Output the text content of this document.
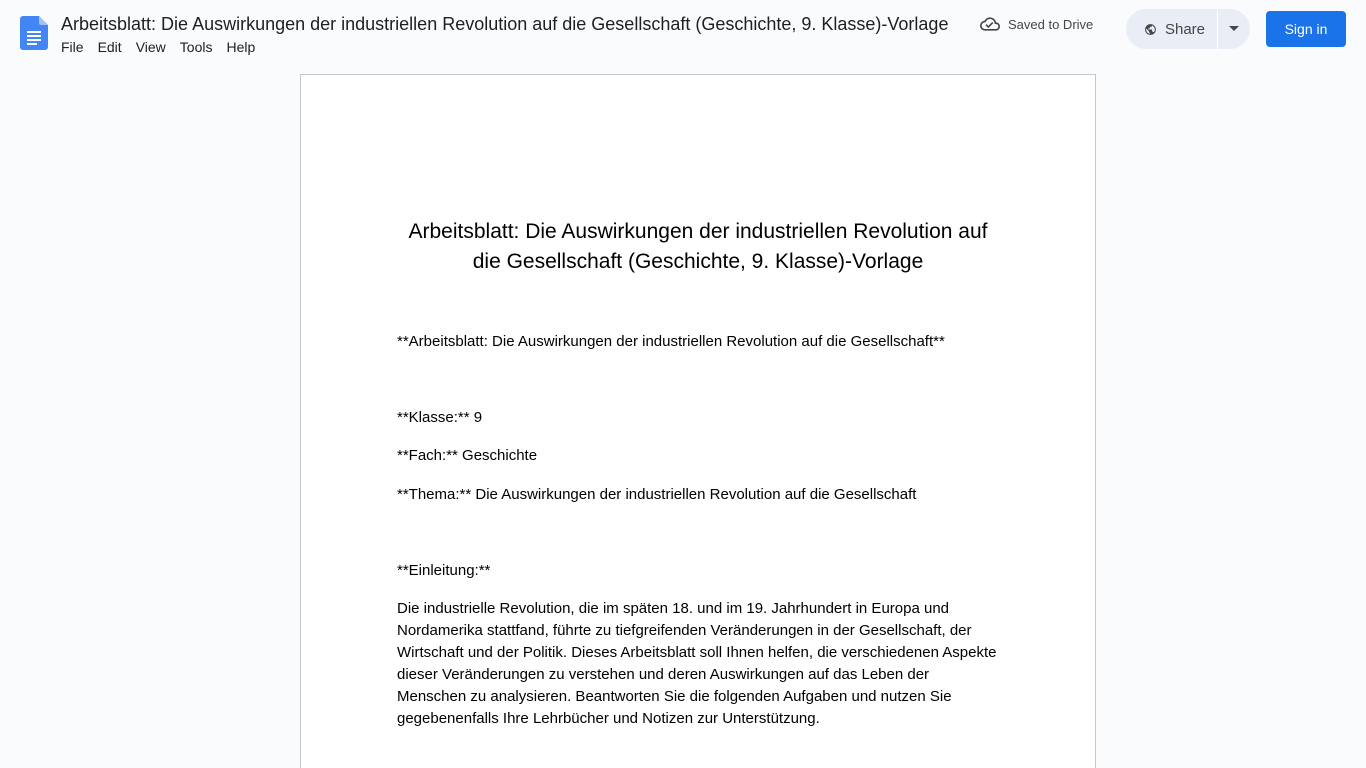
Arbeitsblatt: Die Auswirkungen der industriellen Revolution auf die Gesellschaft (Geschichte, 9. Klasse)-Vorlage	Saved to Drive
File	Edit	View	Tools	Help
Share	Sign in
Arbeitsblatt: Die Auswirkungen der industriellen Revolution auf die Gesellschaft (Geschichte, 9. Klasse)-Vorlage
**Arbeitsblatt: Die Auswirkungen der industriellen Revolution auf die Gesellschaft**
**Klasse:** 9
**Fach:** Geschichte
**Thema:** Die Auswirkungen der industriellen Revolution auf die Gesellschaft
**Einleitung:**
Die industrielle Revolution, die im späten 18. und im 19. Jahrhundert in Europa und Nordamerika stattfand, führte zu tiefgreifenden Veränderungen in der Gesellschaft, der Wirtschaft und der Politik. Dieses Arbeitsblatt soll Ihnen helfen, die verschiedenen Aspekte dieser Veränderungen zu verstehen und deren Auswirkungen auf das Leben der Menschen zu analysieren. Beantworten Sie die folgenden Aufgaben und nutzen Sie gegebenenfalls Ihre Lehrbücher und Notizen zur Unterstützung.
